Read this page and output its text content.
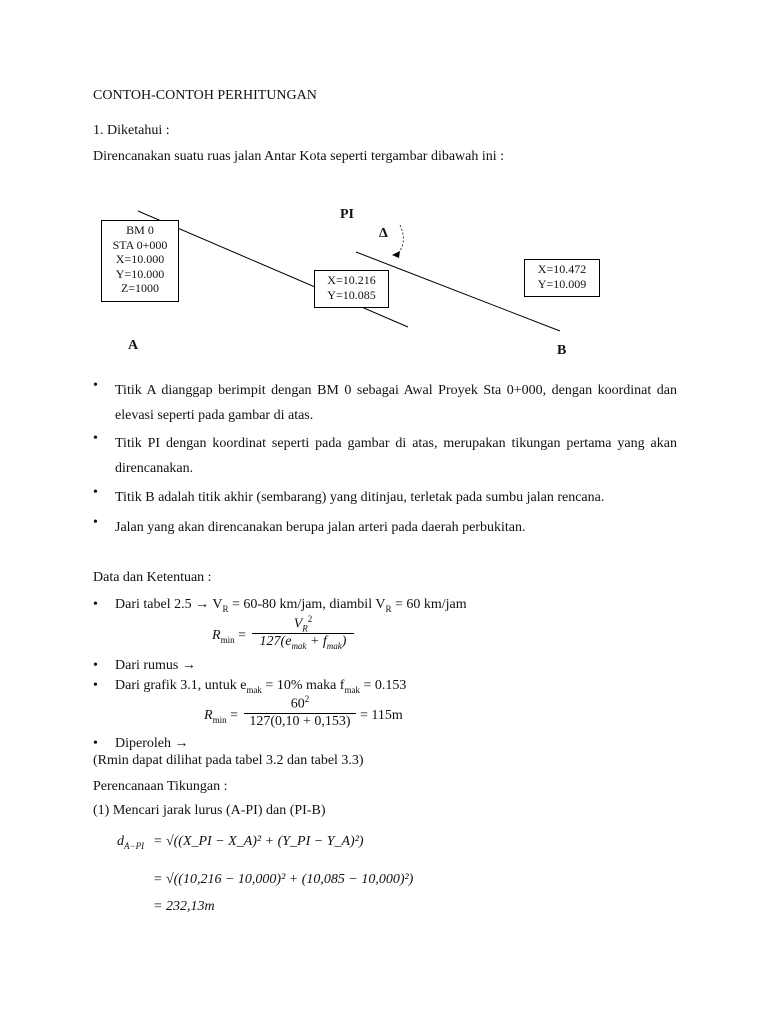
CONTOH-CONTOH PERHITUNGAN
1. Diketahui :
Direncanakan suatu ruas jalan Antar Kota seperti tergambar dibawah ini :
BM 0
STA 0+000
X=10.000
Y=10.000
Z=1000
X=10.216
Y=10.085
X=10.472
Y=10.009
PI
Δ
A	B
• Titik A dianggap berimpit dengan BM 0 sebagai Awal Proyek Sta 0+000, dengan koordinat dan elevasi seperti pada gambar di atas.
• Titik PI dengan koordinat seperti pada gambar di atas, merupakan tikungan pertama yang akan direncanakan.
• Titik B adalah titik akhir (sembarang) yang ditinjau, terletak pada sumbu jalan rencana.
• Jalan yang akan direncanakan berupa jalan arteri pada daerah perbukitan.
Data dan Ketentuan :
• Dari tabel $2.5 \to V_R = 60-80$ km/jam, diambil $V_R = 60$ km/jam
$R_{min}$ =
$V_R^2$
$127(e_{mak} + f_{mak})$
• Dari rumus →
• Dari grafik 3.1, untuk $e_{mak} = 10\%$ maka $f_{mak} = 0.153$
$R_{min}$ =
$60^2$
127(0,10 + 0,153) = 115m
• Diperoleh →
(Rmin dapat dilihat pada tabel 3.2 dan tabel 3.3)
Perencanaan Tikungan :
(1) Mencari jarak lurus (A-PI) dan (PI-B)
$d_{A-PI}$ = √((X_PI − X_A)² + (Y_PI − Y_A)²)
= √((10,216 − 10,000)² + (10,085 − 10,000)²)
= 232,13m
